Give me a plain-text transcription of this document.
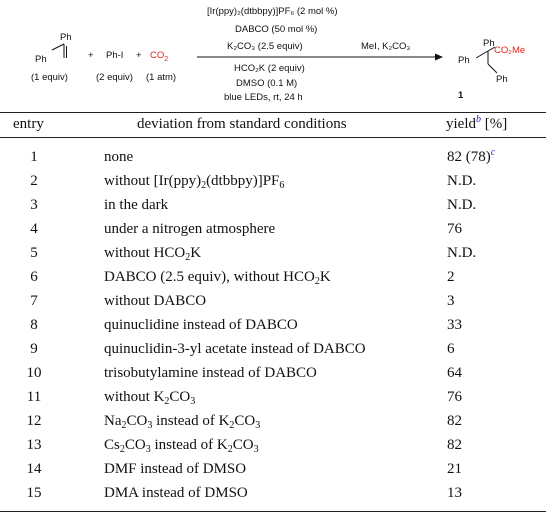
Ph
Ph	+ $Ph-I + CO_2$
(1 equiv)	(2 equiv) (1 atm)
[Ir(ppy)₂(dtbbpy)]PF₆ (2 mol %)
DABCO (50 mol %)
K₂CO₃ (2.5 equiv)	MeI, K₂CO₃
HCO₂K (2 equiv)
DMSO (0.1 M)
blue LEDs, rt, 24 h
Ph
CO₂Me
Ph
Ph
1
entry	deviation from standard conditions	yield$^b$ [%]
1	none	82 (78)$^c$
2	without $[Ir(ppy)_2(dtbbpy)]PF_6$	N.D.
3	in the dark	N.D.
4	under a nitrogen atmosphere	76
5	without $HCO_2K$	N.D.
6	DABCO (2.5 equiv), without $HCO_2K$	2
7	without DABCO	3
8	quinuclidine instead of DABCO	33
9	quinuclidin-3-yl acetate instead of DABCO	6
10	trisobutylamine instead of DABCO	64
11	without $K_2CO_3$	76
12	$Na_2CO_3$ instead of $K_2CO_3$	82
13	$Cs_2CO_3$ instead of $K_2CO_3$	82
14	DMF instead of DMSO	21
15	DMA instead of DMSO	13
